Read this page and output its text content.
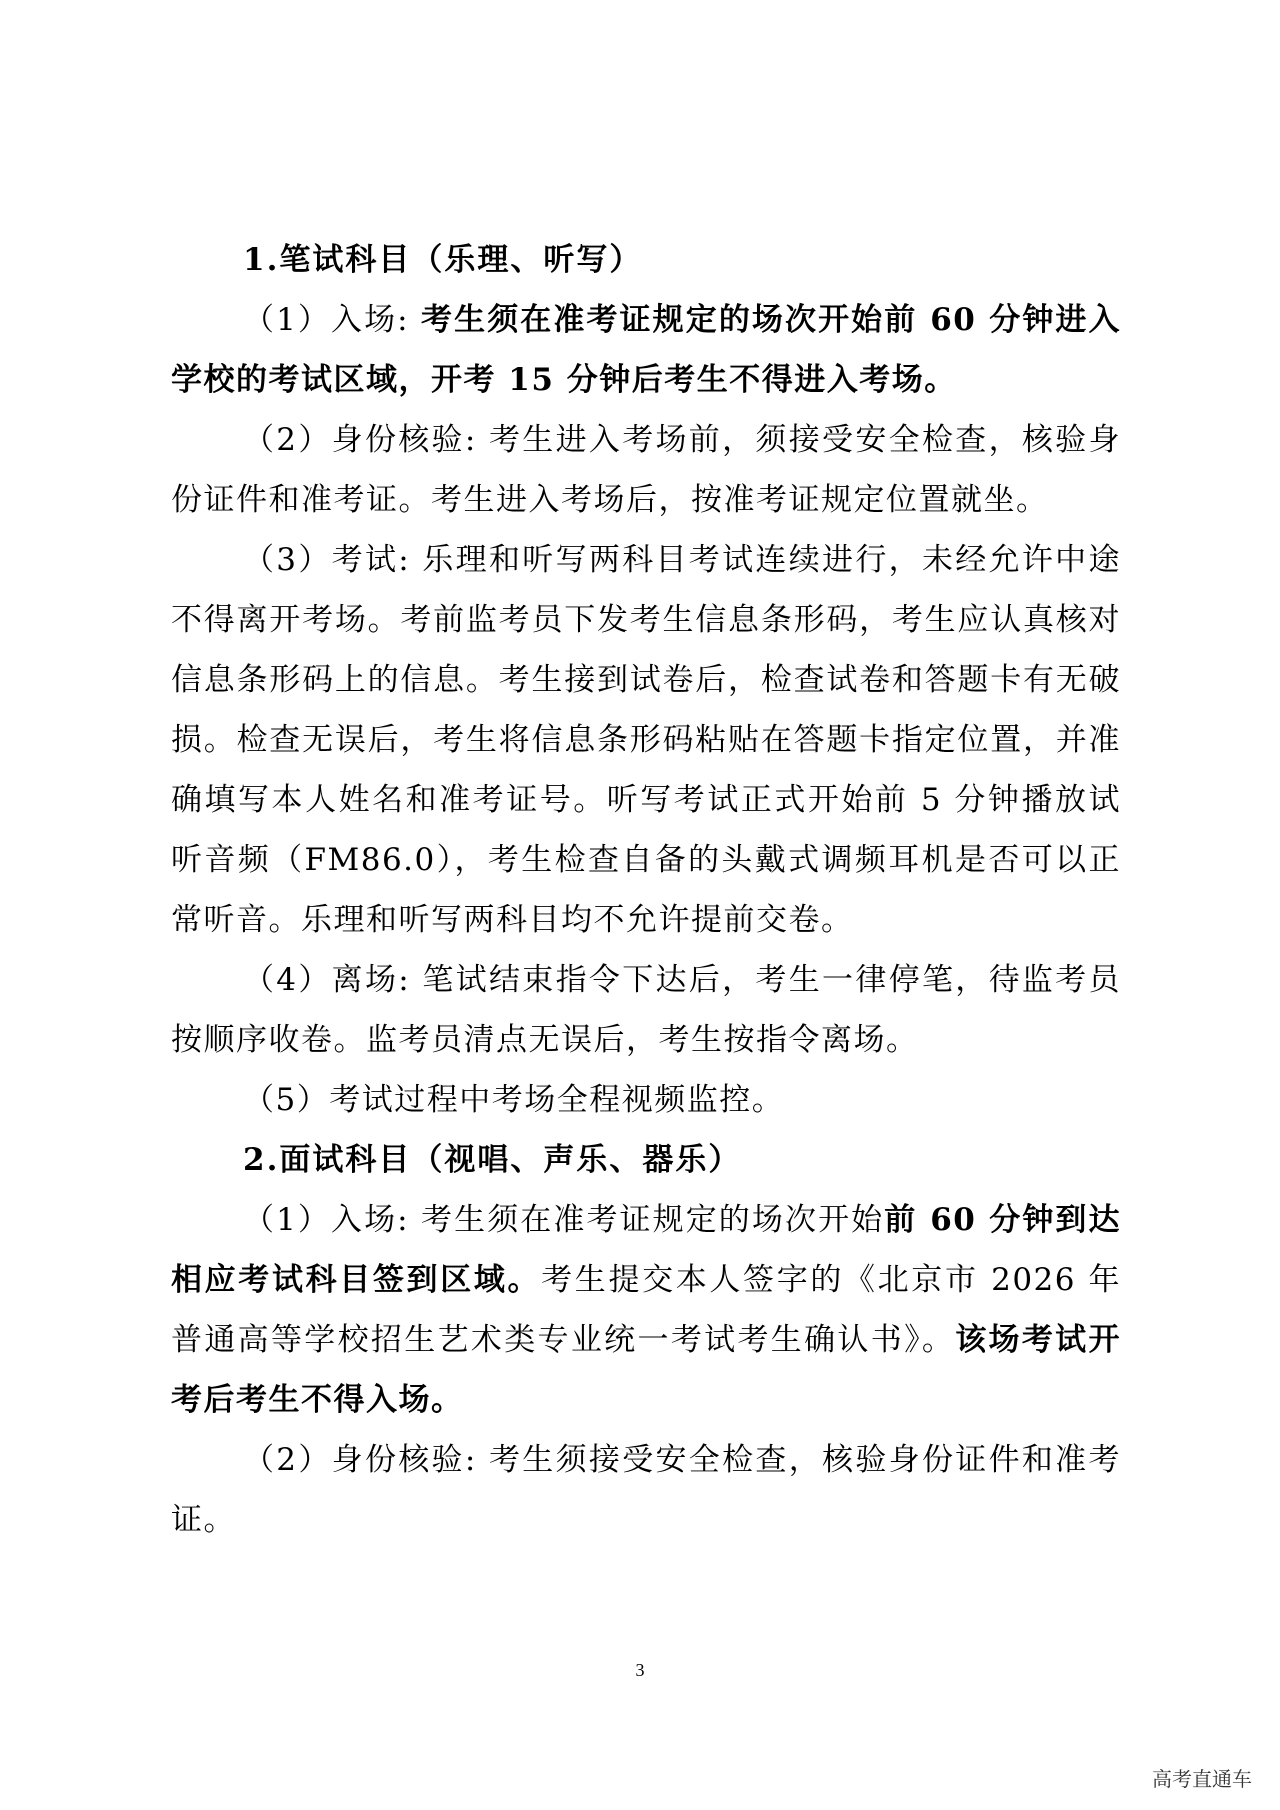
1.笔试科目（乐理、听写）

（1）入场: 考生须在准考证规定的场次开始前 60 分钟进入学校的考试区域，开考 15 分钟后考生不得进入考场。

（2）身份核验: 考生进入考场前，须接受安全检查，核验身份证件和准考证。考生进入考场后，按准考证规定位置就坐。

（3）考试: 乐理和听写两科目考试连续进行，未经允许中途不得离开考场。考前监考员下发考生信息条形码，考生应认真核对信息条形码上的信息。考生接到试卷后，检查试卷和答题卡有无破损。检查无误后，考生将信息条形码粘贴在答题卡指定位置，并准确填写本人姓名和准考证号。听写考试正式开始前 5 分钟播放试听音频（FM86.0），考生检查自备的头戴式调频耳机是否可以正常听音。乐理和听写两科目均不允许提前交卷。

（4）离场: 笔试结束指令下达后，考生一律停笔，待监考员按顺序收卷。监考员清点无误后，考生按指令离场。

（5）考试过程中考场全程视频监控。

2.面试科目（视唱、声乐、器乐）

（1）入场: 考生须在准考证规定的场次开始前 60 分钟到达相应考试科目签到区域。考生提交本人签字的《北京市 2026 年普通高等学校招生艺术类专业统一考试考生确认书》。该场考试开考后考生不得入场。

（2）身份核验: 考生须接受安全检查，核验身份证件和准考证。

3
高考直通车
